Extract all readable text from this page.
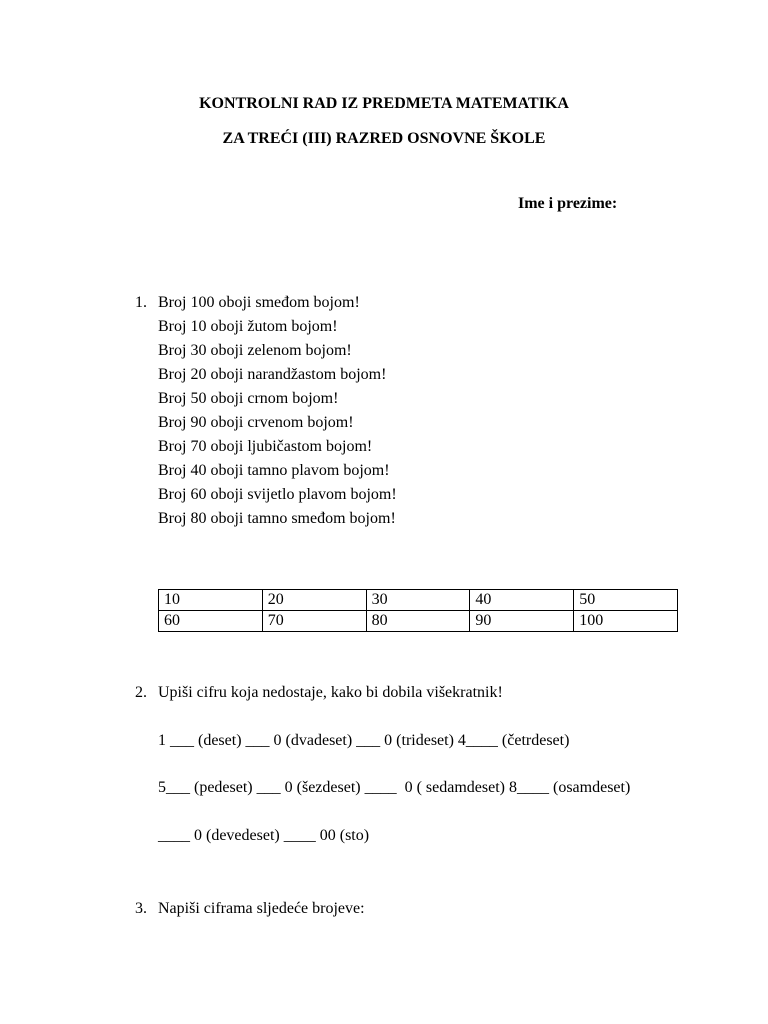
KONTROLNI RAD IZ PREDMETA MATEMATIKA
ZA TREĆI (III) RAZRED OSNOVNE ŠKOLE
Ime i prezime:
1. Broj 100 oboji smeđom bojom!
Broj 10 oboji žutom bojom!
Broj 30 oboji zelenom bojom!
Broj 20 oboji narandžastom bojom!
Broj 50 oboji crnom bojom!
Broj 90 oboji crvenom bojom!
Broj 70 oboji ljubičastom bojom!
Broj 40 oboji tamno plavom bojom!
Broj 60 oboji svijetlo plavom bojom!
Broj 80 oboji tamno smeđom bojom!
10	20	30	40	50
60	70	80	90	100
2. Upiši cifru koja nedostaje, kako bi dobila višekratnik!
1 ___ (deset) ___ 0 (dvadeset) ___ 0 (trideset) 4____ (četrdeset)
5___ (pedeset) ___ 0 (šezdeset) ____  0 ( sedamdeset) 8____ (osamdeset)
____ 0 (devedeset) ____ 00 (sto)
3. Napiši ciframa sljedeće brojeve:
